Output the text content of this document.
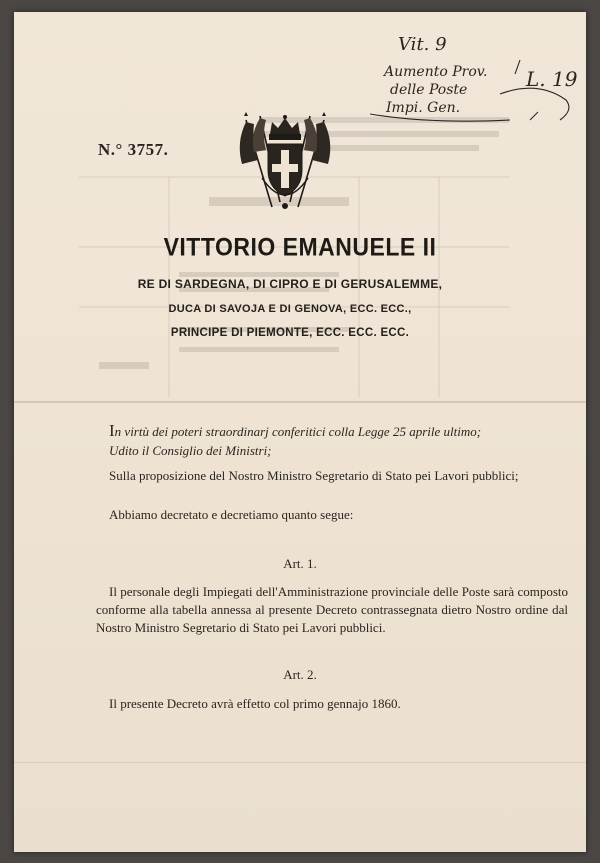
N.° 3757.
VITTORIO EMANUELE II
RE DI SARDEGNA, DI CIPRO E DI GERUSALEMME,
DUCA DI SAVOJA E DI GENOVA, ECC. ECC.,
PRINCIPE DI PIEMONTE, ECC. ECC. ECC.
In virtù dei poteri straordinarj conferitici colla Legge 25 aprile ultimo;
Udito il Consiglio dei Ministri;
Sulla proposizione del Nostro Ministro Segretario di Stato pei Lavori pubblici;
Abbiamo decretato e decretiamo quanto segue:
Art. 1.
Il personale degli Impiegati dell'Amministrazione provinciale delle Poste sarà composto conforme alla tabella annessa al presente Decreto contrassegnata dietro Nostro ordine dal Nostro Ministro Segretario di Stato pei Lavori pubblici.
Art. 2.
Il presente Decreto avrà effetto col primo gennajo 1860.
Vit. 9
Aumento Prov.
delle Poste
Impi. Gen.
L. 19
